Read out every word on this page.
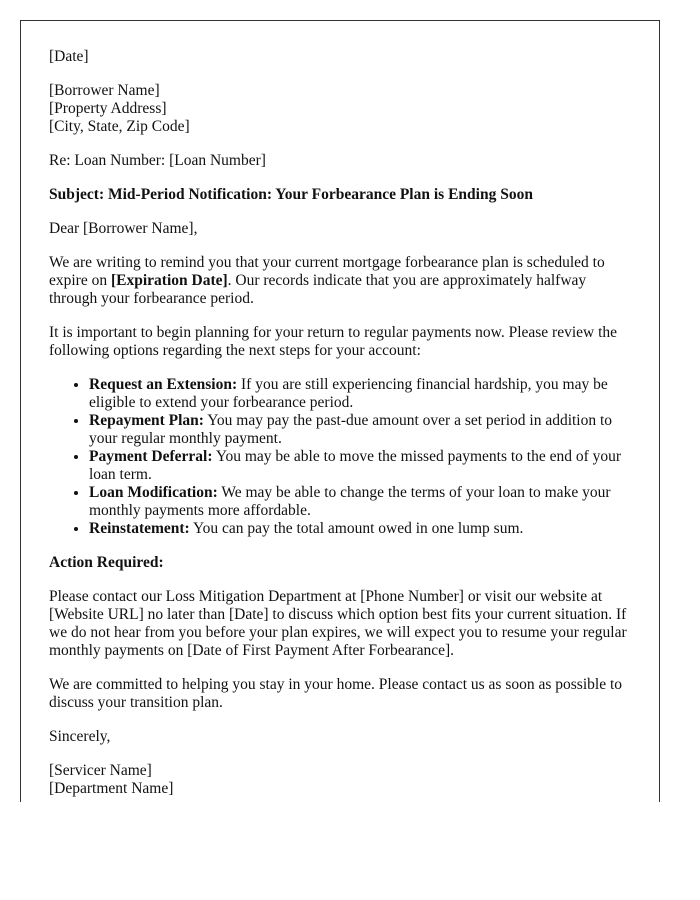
[Date]

[Borrower Name]
[Property Address]
[City, State, Zip Code]

Re: Loan Number: [Loan Number]

Subject: Mid-Period Notification: Your Forbearance Plan is Ending Soon

Dear [Borrower Name],

We are writing to remind you that your current mortgage forbearance plan is scheduled to expire on [Expiration Date]. Our records indicate that you are approximately halfway through your forbearance period.

It is important to begin planning for your return to regular payments now. Please review the following options regarding the next steps for your account:

• Request an Extension: If you are still experiencing financial hardship, you may be eligible to extend your forbearance period.
• Repayment Plan: You may pay the past-due amount over a set period in addition to your regular monthly payment.
• Payment Deferral: You may be able to move the missed payments to the end of your loan term.
• Loan Modification: We may be able to change the terms of your loan to make your monthly payments more affordable.
• Reinstatement: You can pay the total amount owed in one lump sum.

Action Required:

Please contact our Loss Mitigation Department at [Phone Number] or visit our website at [Website URL] no later than [Date] to discuss which option best fits your current situation. If we do not hear from you before your plan expires, we will expect you to resume your regular monthly payments on [Date of First Payment After Forbearance].

We are committed to helping you stay in your home. Please contact us as soon as possible to discuss your transition plan.

Sincerely,

[Servicer Name]
[Department Name]
